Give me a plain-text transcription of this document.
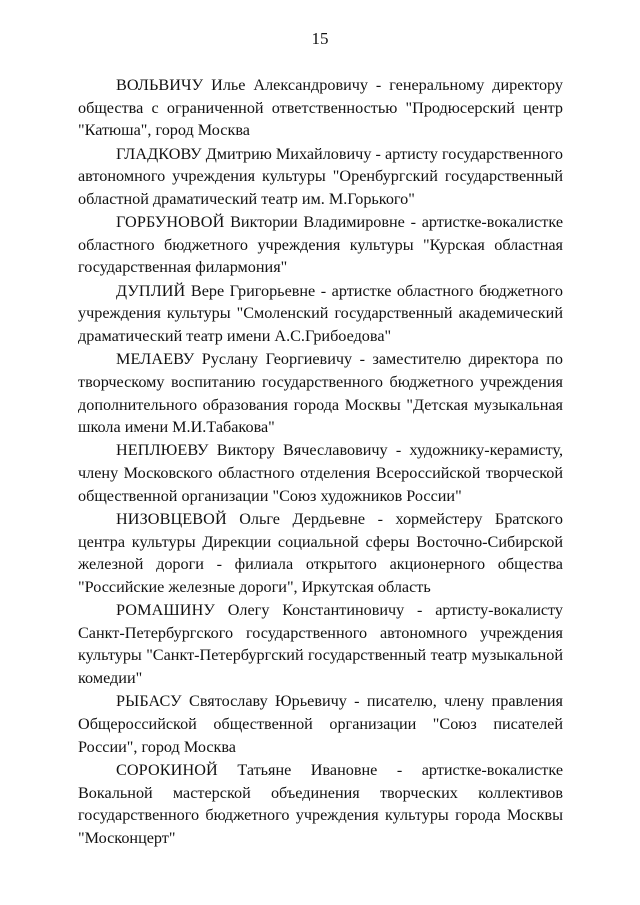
15

ВОЛЬВИЧУ Илье Александровичу - генеральному директору общества с ограниченной ответственностью "Продюсерский центр "Катюша", город Москва

ГЛАДКОВУ Дмитрию Михайловичу - артисту государственного автономного учреждения культуры "Оренбургский государственный областной драматический театр им. М.Горького"

ГОРБУНОВОЙ Виктории Владимировне - артистке-вокалистке областного бюджетного учреждения культуры "Курская областная государственная филармония"

ДУПЛИЙ Вере Григорьевне - артистке областного бюджетного учреждения культуры "Смоленский государственный академический драматический театр имени А.С.Грибоедова"

МЕЛАЕВУ Руслану Георгиевичу - заместителю директора по творческому воспитанию государственного бюджетного учреждения дополнительного образования города Москвы "Детская музыкальная школа имени М.И.Табакова"

НЕПЛЮЕВУ Виктору Вячеславовичу - художнику-керамисту, члену Московского областного отделения Всероссийской творческой общественной организации "Союз художников России"

НИЗОВЦЕВОЙ Ольге Дердьевне - хормейстеру Братского центра культуры Дирекции социальной сферы Восточно-Сибирской железной дороги - филиала открытого акционерного общества "Российские железные дороги", Иркутская область

РОМАШИНУ Олегу Константиновичу - артисту-вокалисту Санкт-Петербургского государственного автономного учреждения культуры "Санкт-Петербургский государственный театр музыкальной комедии"

РЫБАСУ Святославу Юрьевичу - писателю, члену правления Общероссийской общественной организации "Союз писателей России", город Москва

СОРОКИНОЙ Татьяне Ивановне - артистке-вокалистке Вокальной мастерской объединения творческих коллективов государственного бюджетного учреждения культуры города Москвы "Москонцерт"
